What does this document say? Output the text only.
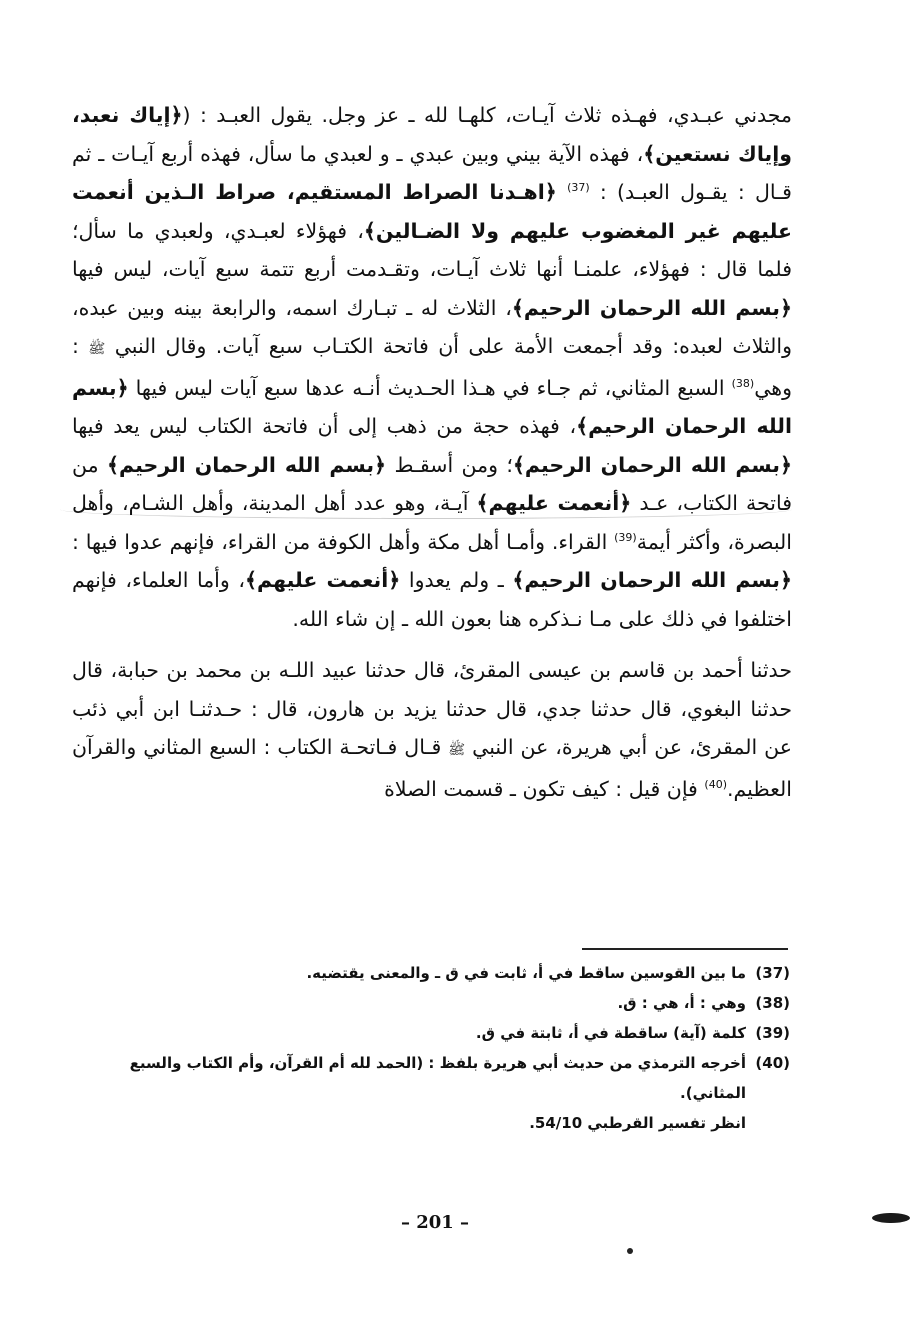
مجدني عبـدي، فهـذه ثلاث آيـات، كلهـا لله ـ عز وجل. يقول العبـد : (﴿إياك نعبد، وإياك نستعين﴾، فهذه الآية بيني وبين عبدي ـ و لعبدي ما سأل، فهذه أربع آيـات ـ ثم قـال : يقـول العبـد) : $^{(37)}$ ﴿اهـدنا الصراط المستقيم، صراط الـذين أنعمت عليهم غير المغضوب عليهم ولا الضـالين﴾، فهؤلاء لعبـدي، ولعبدي ما سأل؛ فلما قال : فهؤلاء، علمنـا أنها ثلاث آيـات، وتقـدمت أربع تتمة سبع آيات، ليس فيها ﴿بسم الله الرحمان الرحيم﴾، الثلاث له ـ تبـارك اسمه، والرابعة بينه وبين عبده، والثلاث لعبده: وقد أجمعت الأمة على أن فاتحة الكتـاب سبع آيات. وقال النبي ﷺ : وهي$^{(38)}$ السبع المثاني، ثم جـاء في هـذا الحـديث أنـه عدها سبع آيات ليس فيها ﴿بسم الله الرحمان الرحيم﴾، فهذه حجة من ذهب إلى أن فاتحة الكتاب ليس يعد فيها ﴿بسم الله الرحمان الرحيم﴾؛ ومن أسقـط ﴿بسم الله الرحمان الرحيم﴾ من فاتحة الكتاب، عـد ﴿أنعمت عليهم﴾ آيـة، وهو عدد أهل المدينة، وأهل الشـام، وأهل البصرة، وأكثر أيمة$^{(39)}$ القراء. وأمـا أهل مكة وأهل الكوفة من القراء، فإنهم عدوا فيها : ﴿بسم الله الرحمان الرحيم﴾ ـ ولم يعدوا ﴿أنعمت عليهم﴾، وأما العلماء، فإنهم اختلفوا في ذلك على مـا نـذكره هنا بعون الله ـ إن شاء الله.

حدثنا أحمد بن قاسم بن عيسى المقرئ، قال حدثنا عبيد اللـه بن محمد بن حبابة، قال حدثنا البغوي، قال حدثنا جدي، قال حدثنا يزيد بن هارون، قال : حـدثنـا ابن أبي ذئب عن المقرئ، عن أبي هريرة، عن النبي ﷺ قـال فـاتحـة الكتاب : السبع المثاني والقرآن العظيم.$^{(40)}$ فإن قيل : كيف تكون ـ قسمت الصلاة

(37)
ما بين القوسين ساقط في أ، ثابت في ق ـ والمعنى يقتضيه.
(38)
وهي : أ، هي : ق.
(39)
كلمة (آية) ساقطة في أ، ثابتة في ق.
(40)
أخرجه الترمذي من حديث أبي هريرة بلفظ : (الحمد لله أم القرآن، وأم الكتاب والسبع المثاني).
انظر تفسير القرطبي 54/10.
– 201 –
